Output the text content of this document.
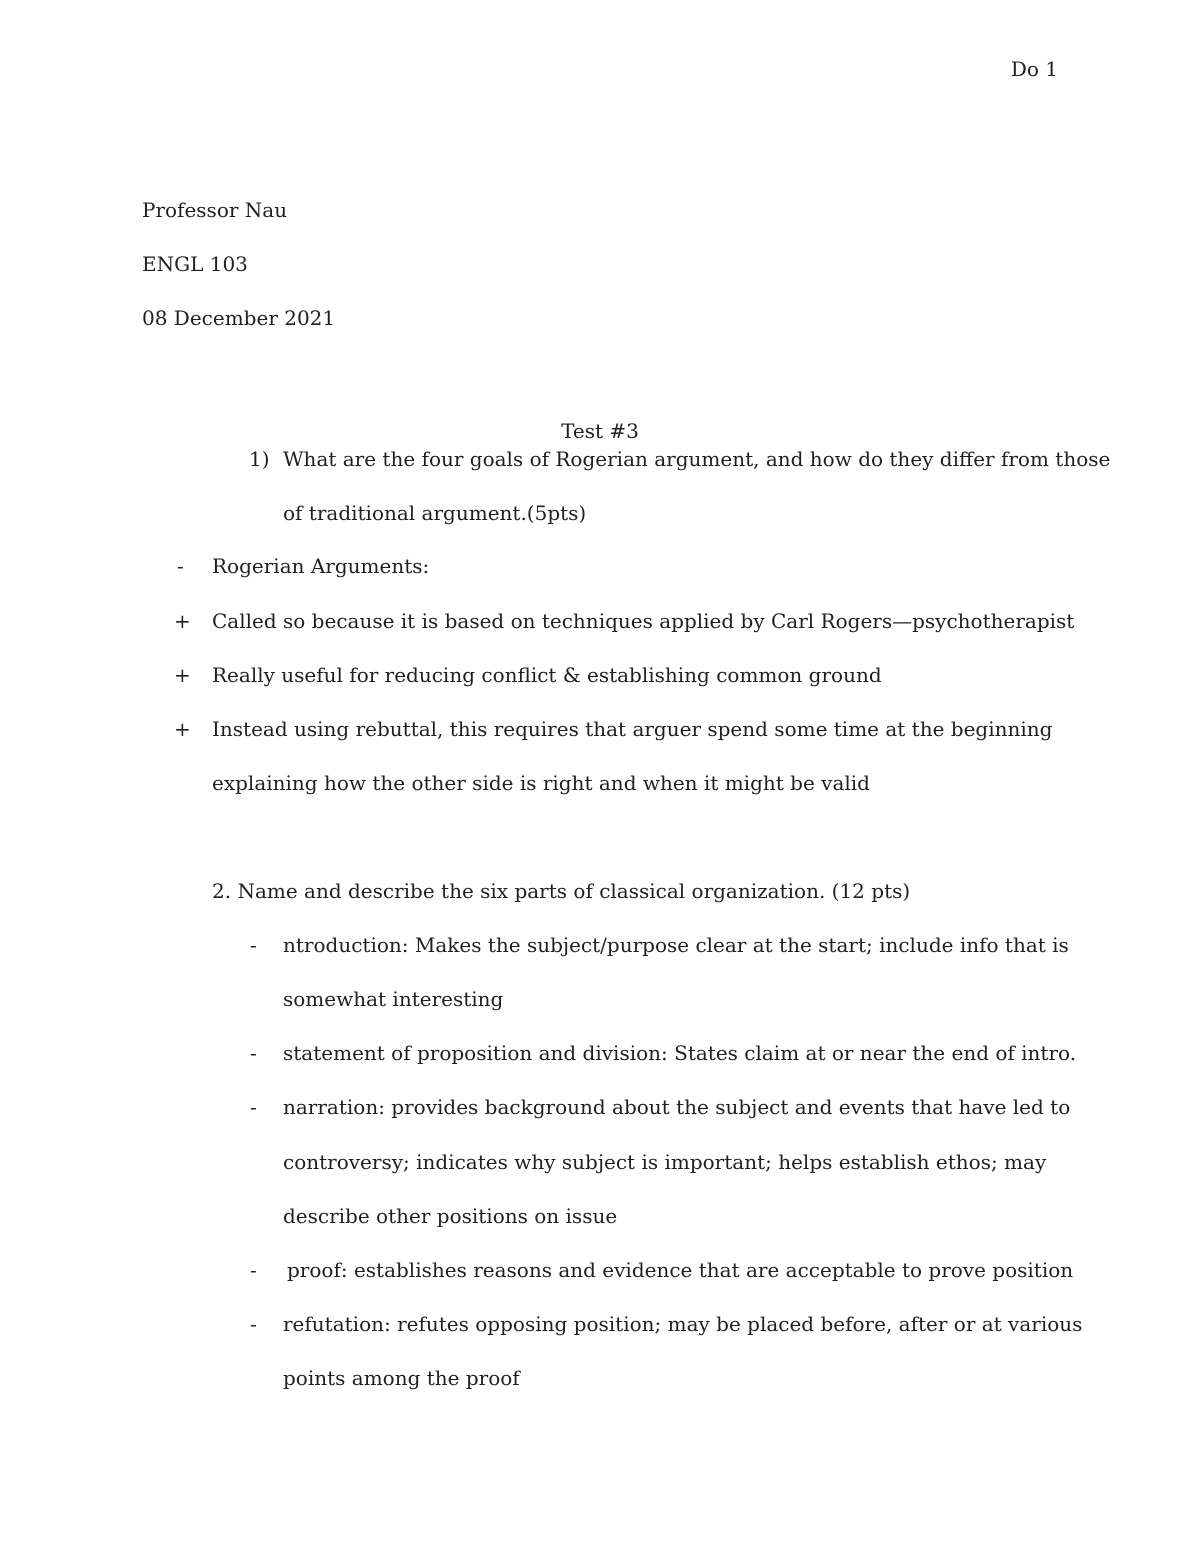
Do 1
Professor Nau
ENGL 103
08 December 2021
Test #3
1) What are the four goals of Rogerian argument, and how do they differ from those
of traditional argument.(5pts)
- Rogerian Arguments:
+ Called so because it is based on techniques applied by Carl Rogers—psychotherapist
+ Really useful for reducing conflict & establishing common ground
+ Instead using rebuttal, this requires that arguer spend some time at the beginning
explaining how the other side is right and when it might be valid
2. Name and describe the six parts of classical organization. (12 pts)
- ntroduction: Makes the subject/purpose clear at the start; include info that is
somewhat interesting
- statement of proposition and division: States claim at or near the end of intro.
- narration: provides background about the subject and events that have led to
controversy; indicates why subject is important; helps establish ethos; may
describe other positions on issue
- proof: establishes reasons and evidence that are acceptable to prove position
- refutation: refutes opposing position; may be placed before, after or at various
points among the proof
